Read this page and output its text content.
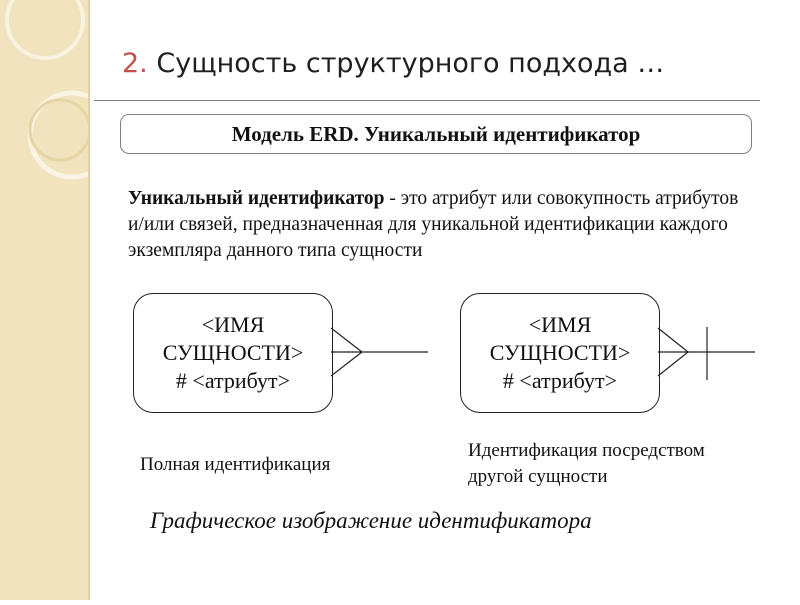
2. Сущность структурного подхода …
Модель ERD. Уникальный идентификатор

Уникальный идентификатор - это атрибут или совокупность атрибутов и/или связей, предназначенная для уникальной идентификации каждого экземпляра данного типа сущности

<ИМЯ
СУЩНОСТИ>
# <атрибут>
<ИМЯ
СУЩНОСТИ>
# <атрибут>
Полная идентификация
Идентификация посредством
другой сущности
Графическое изображение идентификатора
